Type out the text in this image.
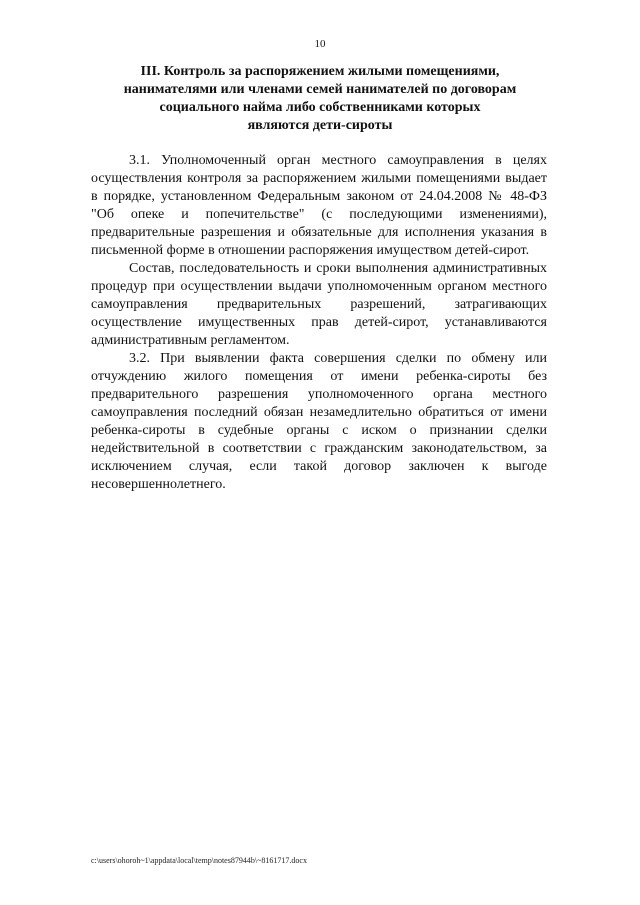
10
III. Контроль за распоряжением жилыми помещениями,
нанимателями или членами семей нанимателей по договорам
социального найма либо собственниками которых
являются дети-сироты

3.1. Уполномоченный орган местного самоуправления в целях осуществления контроля за распоряжением жилыми помещениями выдает в порядке, установленном Федеральным законом от 24.04.2008 № 48-ФЗ "Об опеке и попечительстве" (с последующими изменениями), предварительные разрешения и обязательные для исполнения указания в письменной форме в отношении распоряжения имуществом детей-сирот.

Состав, последовательность и сроки выполнения административных процедур при осуществлении выдачи уполномоченным органом местного самоуправления предварительных разрешений, затрагивающих осуществление имущественных прав детей-сирот, устанавливаются административным регламентом.

3.2. При выявлении факта совершения сделки по обмену или отчуждению жилого помещения от имени ребенка-сироты без предварительного разрешения уполномоченного органа местного самоуправления последний обязан незамедлительно обратиться от имени ребенка-сироты в судебные органы с иском о признании сделки недействительной в соответствии с гражданским законодательством, за исключением случая, если такой договор заключен к выгоде несовершеннолетнего.

c:\users\ohoroh~1\appdata\local\temp\notes87944b\~8161717.docx
